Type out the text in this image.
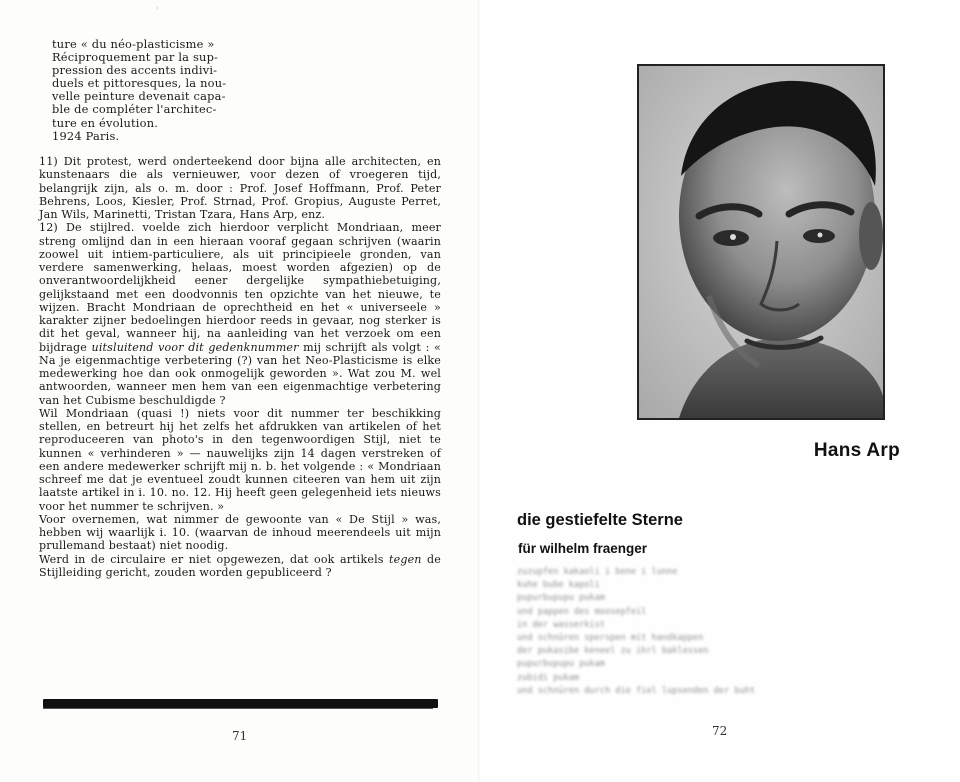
·

ture « du néo-plasticisme »

Réciproquement par la sup-

pression des accents indivi-

duels et pittoresques, la nou-

velle peinture devenait capa-

ble de compléter l'architec-

ture en évolution.

1924 Paris.

11) Dit protest, werd onderteekend door bijna alle architecten, en kunstenaars die als vernieuwer, voor dezen of vroegeren tijd, belangrijk zijn, als o. m. door : Prof. Josef Hoffmann, Prof. Peter Behrens, Loos, Kiesler, Prof. Strnad, Prof. Gropius, Auguste Perret, Jan Wils, Marinetti, Tristan Tzara, Hans Arp, enz.

12) De stijlred. voelde zich hierdoor verplicht Mondriaan, meer streng omlijnd dan in een hieraan vooraf gegaan schrijven (waarin zoowel uit intiem-particuliere, als uit principieele gronden, van verdere samenwerking, helaas, moest worden afgezien) op de onverantwoordelijkheid eener dergelijke sympathiebetuiging, gelijkstaand met een doodvonnis ten opzichte van het nieuwe, te wijzen. Bracht Mondriaan de oprechtheid en het « universeele » karakter zijner bedoelingen hierdoor reeds in gevaar, nog sterker is dit het geval, wanneer hij, na aanleiding van het verzoek om een bijdrage uitsluitend voor dit gedenknummer mij schrijft als volgt : « Na je eigenmachtige verbetering (?) van het Neo-Plasticisme is elke medewerking hoe dan ook onmogelijk geworden ». Wat zou M. wel antwoorden, wanneer men hem van een eigenmachtige verbetering van het Cubisme beschuldigde ?

Wil Mondriaan (quasi !) niets voor dit nummer ter beschikking stellen, en betreurt hij het zelfs het afdrukken van artikelen of het reproduceeren van photo's in den tegenwoordigen Stijl, niet te kunnen « verhinderen » — nauwelijks zijn 14 dagen verstreken of een andere medewerker schrijft mij n. b. het volgende : « Mondriaan schreef me dat je eventueel zoudt kunnen citeeren van hem uit zijn laatste artikel in i. 10. no. 12. Hij heeft geen gelegenheid iets nieuws voor het nummer te schrijven. »

Voor overnemen, wat nimmer de gewoonte van « De Stijl » was, hebben wij waarlijk i. 10. (waarvan de inhoud meerendeels uit mijn prullemand bestaat) niet noodig.

Werd in de circulaire er niet opgewezen, dat ook artikels tegen de Stijlleiding gericht, zouden worden gepubliceerd ?

71
Hans Arp
die gestiefelte Sterne
für wilhelm fraenger
zuzupfen kakaoli i bene i lunne
kuhe bube kapoli
pupurbupupu pukam
und pappen des moosepfeil
in der wasserkist
und schnüren sperspen mit handkappen
der pukasibe keneel zu ihrl baklessen
pupurbupupu pukam
zubidi pukam
und schnüren durch die fiel lupsenden der buht
72
